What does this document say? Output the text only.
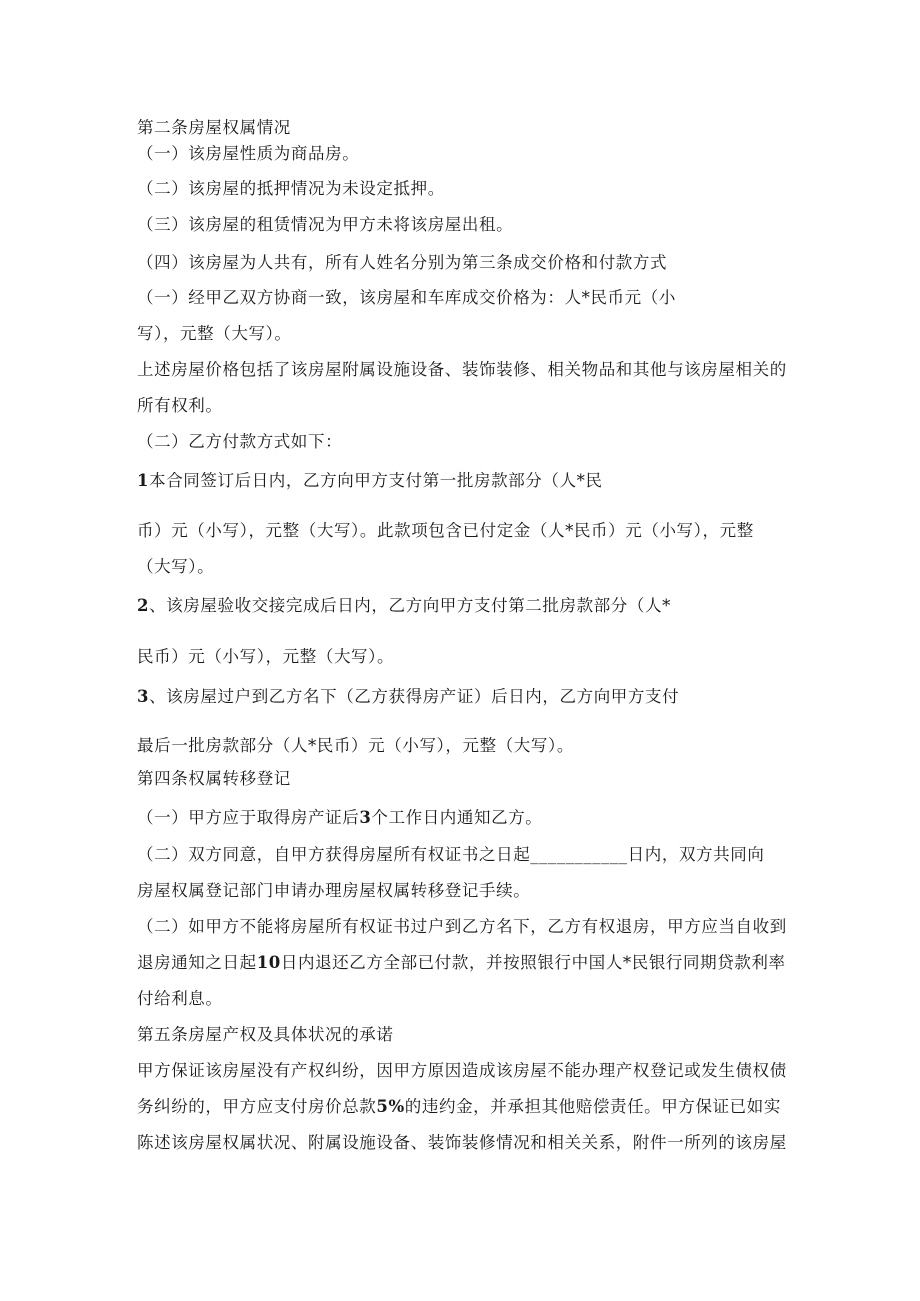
第二条房屋权属情况
（一）该房屋性质为商品房。
（二）该房屋的抵押情况为未设定抵押。
（三）该房屋的租赁情况为甲方未将该房屋出租。
（四）该房屋为人共有，所有人姓名分别为第三条成交价格和付款方式
（一）经甲乙双方协商一致，该房屋和车库成交价格为：人*民币元（小
写），元整（大写）。
上述房屋价格包括了该房屋附属设施设备、装饰装修、相关物品和其他与该房屋相关的
所有权利。
（二）乙方付款方式如下：
1本合同签订后日内，乙方向甲方支付第一批房款部分（人*民
币）元（小写），元整（大写）。此款项包含已付定金（人*民币）元（小写），元整
（大写）。
2、该房屋验收交接完成后日内，乙方向甲方支付第二批房款部分（人*
民币）元（小写），元整（大写）。
3、该房屋过户到乙方名下（乙方获得房产证）后日内，乙方向甲方支付
最后一批房款部分（人*民币）元（小写），元整（大写）。
第四条权属转移登记
（一）甲方应于取得房产证后3个工作日内通知乙方。
（二）双方同意，自甲方获得房屋所有权证书之日起___________日内，双方共同向
房屋权属登记部门申请办理房屋权属转移登记手续。
（二）如甲方不能将房屋所有权证书过户到乙方名下，乙方有权退房，甲方应当自收到
退房通知之日起10日内退还乙方全部已付款，并按照银行中国人*民银行同期贷款利率
付给利息。
第五条房屋产权及具体状况的承诺
甲方保证该房屋没有产权纠纷，因甲方原因造成该房屋不能办理产权登记或发生债权债
务纠纷的，甲方应支付房价总款5%的违约金，并承担其他赔偿责任。甲方保证已如实
陈述该房屋权属状况、附属设施设备、装饰装修情况和相关关系，附件一所列的该房屋
